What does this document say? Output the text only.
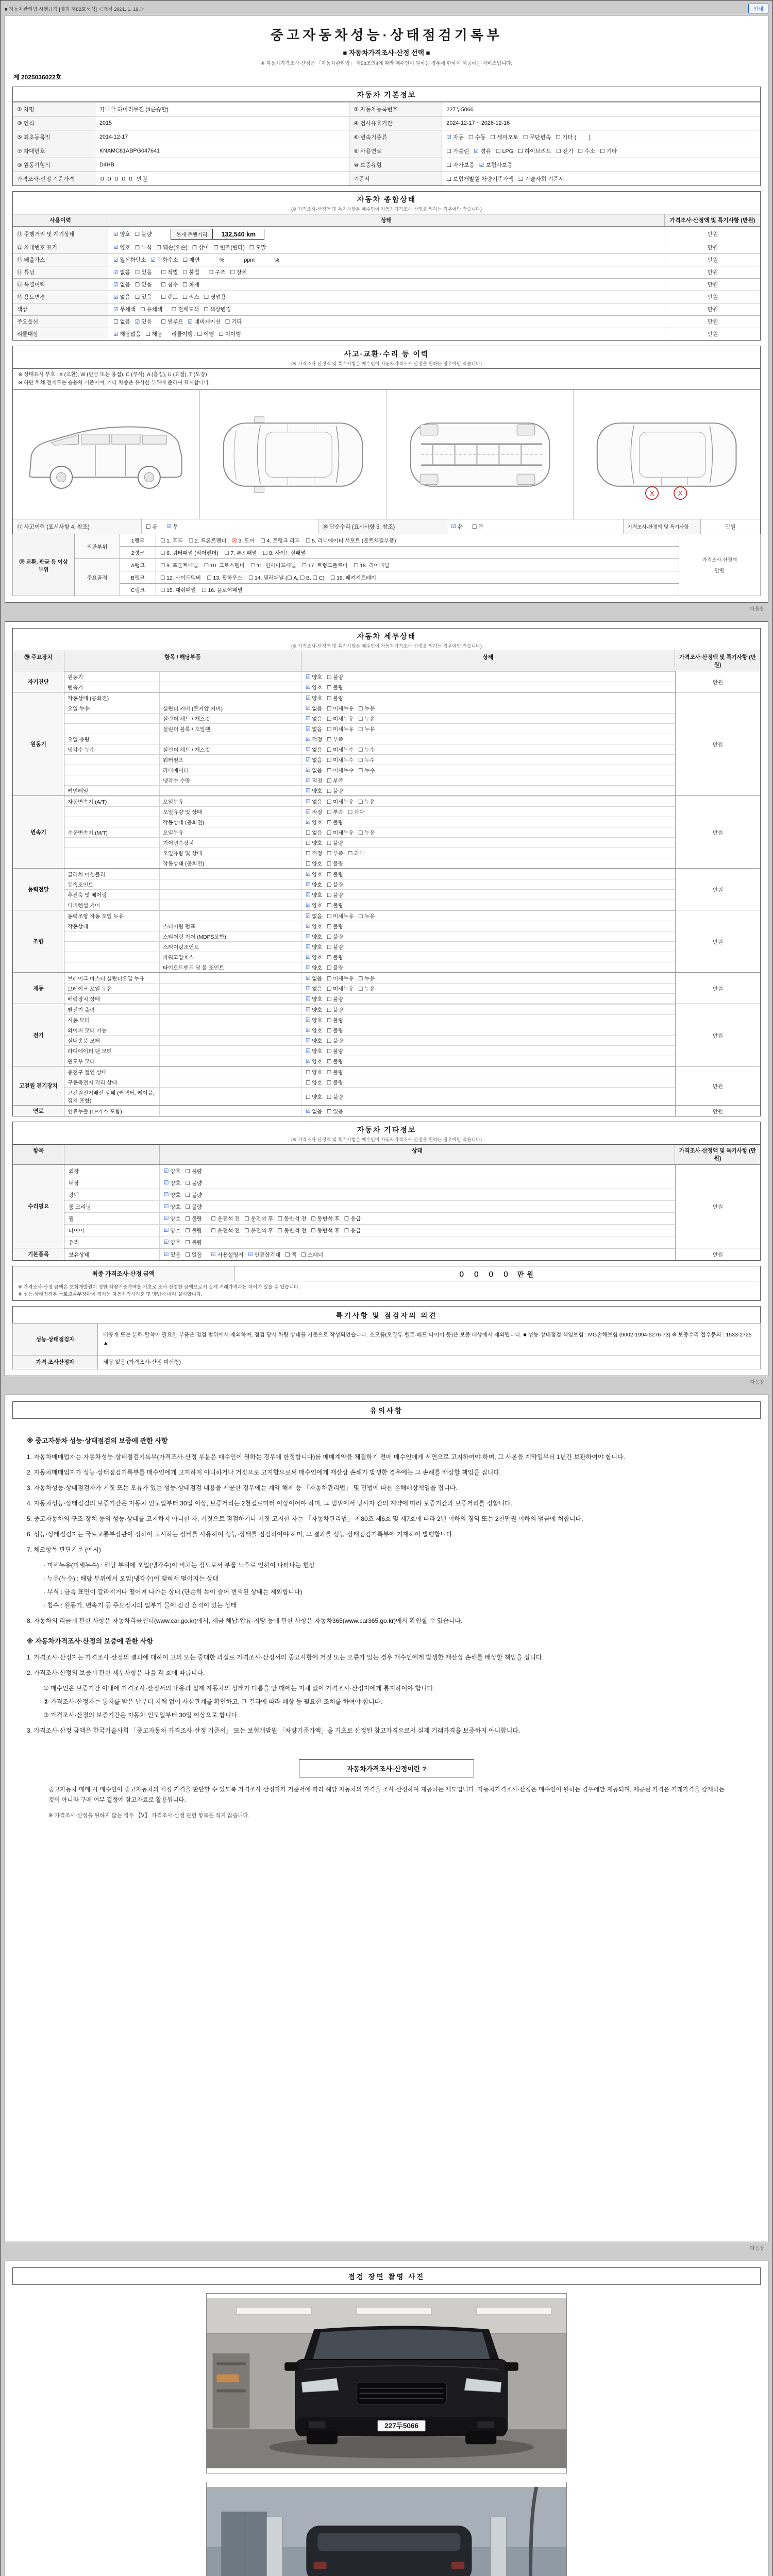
■ 자동차관리법 시행규칙 [별지 제82호서식] ＜개정 2021. 1. 19.＞	인쇄
중고자동차성능·상태점검기록부
■ 자동차가격조사·산정 선택 ■
※ 자동차가격조사·산정은 「자동차관리법」 제58조의4에 따라 매수인이 원하는 경우에 한하여 제공하는 서비스입니다.
제 2025036022호
자동차 기본정보
① 차명	카니발 하이리무진 (4륜승합)	② 자동차등록번호	227두5066
③ 연식	2015	④ 검사유효기간	2024-12-17 ~ 2026-12-16
⑤ 최초등록일	2014-12-17	⑥ 변속기종류	☑ 자동   ☐ 수동   ☐ 세미오토   ☐ 무단변속   ☐ 기타 (        )
⑦ 차대번호	KNAMC81ABPG047641	⑧ 사용연료	☐ 가솔린 ☑ 경유   ☐ LPG   ☐ 하이브리드   ☐ 전기   ☐ 수소   ☐ 기타
⑨ 원동기형식	D4HB	⑩ 보증유형	☐ 자가보증 ☑ 보험사보증
가격조사·산정 기준가격	０ ０ ０ ０ ０  만원	기준서	☐ 보험개발원 차량기준가액   ☐ 기술사회 기준서
자동차 종합상태
(※ 가격조사·산정액 및 특기사항은 매수인이 자동차가격조사·산정을 원하는 경우에만 적습니다)
사용이력	상태	가격조사·산정액 및 특기사항 (만원)
⑪ 주행거리 및 계기상태	☑ 양호   ☐ 불량	현재 주행거리	132,540 km	만원
⑫ 차대번호 표기	☑ 양호   ☐ 부식   ☐ 훼손(오손)   ☐ 상이   ☐ 변조(변타)   ☐ 도말	만원
⑬ 배출가스	☑ 일산화탄소 ☑ 탄화수소   ☐ 매연             %             ppm             %	만원
⑭ 튜닝	☑ 없음   ☐ 있음      ☐ 적법   ☐ 불법      ☐ 구조   ☐ 장치	만원
⑮ 특별이력	☑ 없음   ☐ 있음      ☐ 침수   ☐ 화재	만원
⑯ 용도변경	☑ 없음   ☐ 있음      ☐ 렌트   ☐ 리스   ☐ 영업용	만원
색상	☑ 무채색   ☐ 유채색      ☐ 전체도색   ☐ 색상변경	만원
주요옵션	☐ 없음 ☑ 있음      ☐ 썬루프 ☑ 네비게이션   ☐ 기타	만원
리콜대상	☑ 해당없음   ☐ 해당      리콜이행 : ☐ 이행   ☐ 미이행	만원
사고·교환·수리 등 이력
(※ 가격조사·산정액 및 특기사항은 매수인이 자동차가격조사·산정을 원하는 경우에만 적습니다)
※ 상태표시 부호 : X (교환), W (판금 또는 용접), C (부식), A (흠집), U (요철), T (도장)
※ 하단 차체 전개도는 승용차 기준이며, 기타 차종은 유사한 부위에 준하여 표시합니다.
X	X
⑰ 사고이력 (표시사항 4. 참조)	☐ 유 ☑ 무	⑱ 단순수리 (표시사항 5. 참조)	☑ 유      ☐ 무	가격조사·산정액 및 특기사항	만원
⑲ 교환, 판금 등 이상 부위	외판부위	1랭크	☐ 1. 후드    ☐ 2. 프론트펜더    ☒ 3. 도어    ☐ 4. 트렁크 리드    ☐ 5. 라디에이터 서포트 (볼트체결부품)	가격조사·산정액
만원

		2랭크	☐ 6. 쿼터패널 (리어펜더)    ☐ 7. 루프패널    ☐ 8. 사이드실패널	
	주요골격	A랭크	☐ 9. 프론트패널    ☐ 10. 크로스멤버    ☐ 11. 인사이드패널    ☐ 17. 트렁크플로어    ☐ 18. 리어패널	
		B랭크	☐ 12. 사이드멤버    ☐ 13. 휠하우스    ☐ 14. 필러패널 (☐ A, ☐ B, ☐ C)    ☐ 19. 패키지트레이	
		C랭크	☐ 15. 대쉬패널    ☐ 16. 플로어패널	
다음장
자동차 세부상태
(※ 가격조사·산정액 및 특기사항은 매수인이 자동차가격조사·산정을 원하는 경우에만 적습니다)
⑳ 주요장치	항목 / 해당부품	상태	가격조사·산정액 및 특기사항 (만원)
자기진단
원동기	☑ 양호   ☐ 불량
변속기	☑ 양호   ☐ 불량
만원
원동기
작동상태 (공회전)	☑ 양호   ☐ 불량
오일 누유	실린더 커버 (로커암 커버)	☑ 없음   ☐ 미세누유   ☐ 누유
실린더 헤드 / 개스킷	☑ 없음   ☐ 미세누유   ☐ 누유
실린더 블록 / 오일팬	☑ 없음   ☐ 미세누유   ☐ 누유
오일 유량	☑ 적정   ☐ 부족
냉각수 누수	실린더 헤드 / 개스킷	☑ 없음   ☐ 미세누수   ☐ 누수
워터펌프	☑ 없음   ☐ 미세누수   ☐ 누수
라디에이터	☑ 없음   ☐ 미세누수   ☐ 누수
냉각수 수량	☑ 적정   ☐ 부족
커먼레일	☑ 양호   ☐ 불량
만원
변속기
자동변속기 (A/T)	오일누유	☑ 없음   ☐ 미세누유   ☐ 누유
오일유량 및 상태	☑ 적정   ☐ 부족   ☐ 과다
작동상태 (공회전)	☑ 양호   ☐ 불량
수동변속기 (M/T)	오일누유	☐ 없음   ☐ 미세누유   ☐ 누유
기어변속장치	☐ 양호   ☐ 불량
오일유량 및 상태	☐ 적정   ☐ 부족   ☐ 과다
작동상태 (공회전)	☐ 양호   ☐ 불량
만원
동력전달
클러치 어셈블리	☑ 양호   ☐ 불량
등속조인트	☑ 양호   ☐ 불량
추진축 및 베어링	☑ 양호   ☐ 불량
디퍼렌셜 기어	☑ 양호   ☐ 불량
만원
조향
동력조향 작동 오일 누유	☑ 없음   ☐ 미세누유   ☐ 누유
작동상태	스티어링 펌프	☑ 양호   ☐ 불량
스티어링 기어 (MDPS포함)	☑ 양호   ☐ 불량
스티어링조인트	☑ 양호   ☐ 불량
파워고압호스	☑ 양호   ☐ 불량
타이로드엔드 및 볼 조인트	☑ 양호   ☐ 불량
만원
제동
브레이크 마스터 실린더오일 누유	☑ 없음   ☐ 미세누유   ☐ 누유
브레이크 오일 누유	☑ 없음   ☐ 미세누유   ☐ 누유
배력장치 상태	☑ 양호   ☐ 불량
만원
전기
발전기 출력	☑ 양호   ☐ 불량
시동 모터	☑ 양호   ☐ 불량
와이퍼 모터 기능	☑ 양호   ☐ 불량
실내송풍 모터	☑ 양호   ☐ 불량
라디에이터 팬 모터	☑ 양호   ☐ 불량
윈도우 모터	☑ 양호   ☐ 불량
만원
고전원 전기장치
충전구 절연 상태	☐ 양호   ☐ 불량
구동축전지 격리 상태	☐ 양호   ☐ 불량
고전원전기배선 상태 (커넥터, 케이블, 접지 포함)
☐ 양호   ☐ 불량
만원
연료	연료누출 (LP가스 포함)	☑ 없음   ☐ 있음	만원
자동차 기타정보
(※ 가격조사·산정액 및 특기사항은 매수인이 자동차가격조사·산정을 원하는 경우에만 적습니다)
항목	상태	가격조사·산정액 및 특기사항 (만원)
수리필요
외장	☑ 양호   ☐ 불량
내장	☑ 양호   ☐ 불량
광택	☑ 양호   ☐ 불량
룸 크리닝	☑ 양호   ☐ 불량
휠	☑ 양호   ☐ 불량      ☐ 운전석 전   ☐ 운전석 후   ☐ 동반석 전   ☐ 동반석 후   ☐ 응급
타이어	☑ 양호   ☐ 불량      ☐ 운전석 전   ☐ 운전석 후   ☐ 동반석 전   ☐ 동반석 후   ☐ 응급
유리	☑ 양호   ☐ 불량
만원
기본품목	보유상태	☑ 있음   ☐ 없음 ☑ 사용설명서 ☑ 안전삼각대   ☐ 잭   ☐ 스패너	만원
최종 가격조사·산정 금액	０ ０ ０ ０ 만원
※ 가격조사·산정 금액은 보험개발원이 정한 차량기준가액을 기초로 조사·산정한 금액으로서 실제 거래가격과는 차이가 있을 수 있습니다.
※ 성능·상태점검은 국토교통부장관이 정하는 자동차검사기준 및 방법에 따라 실시합니다.
특기사항 및 점검자의 의견
성능·상태점검자	비공개 또는 분해·탈착이 필요한 부품은 점검 범위에서 제외하며, 점검 당시 차량 상태를 기준으로 작성되었습니다. 소모품(오일류·벨트·패드·타이어 등)은 보증 대상에서 제외됩니다. ■ 성능·상태점검 책임보험 : MG손해보험 (9002-1994-5276-73) ※ 보증수리 접수문의 : 1533-2725 ▲
가격·조사산정자	해당 없음 (가격조사·산정 미신청)
다음장
유의사항

※ 중고자동차 성능·상태점검의 보증에 관한 사항

1. 자동차매매업자는 자동차성능·상태점검기록부(가격조사·산정 부분은 매수인이 원하는 경우에 한정합니다)를 매매계약을 체결하기 전에 매수인에게 서면으로 고지하여야 하며, 그 사본을 계약일부터 1년간 보관하여야 합니다.

2. 자동차매매업자가 성능·상태점검기록부를 매수인에게 고지하지 아니하거나 거짓으로 고지함으로써 매수인에게 재산상 손해가 발생한 경우에는 그 손해를 배상할 책임을 집니다.

3. 자동차성능·상태점검자가 거짓 또는 오류가 있는 성능·상태점검 내용을 제공한 경우에는 계약 해제 등 「자동차관리법」 및 민법에 따른 손해배상책임을 집니다.

4. 자동차성능·상태점검의 보증기간은 자동차 인도일부터 30일 이상, 보증거리는 2천킬로미터 이상이어야 하며, 그 범위에서 당사자 간의 계약에 따라 보증기간과 보증거리를 정합니다.

5. 중고자동차의 구조·장치 등의 성능·상태를 고지하지 아니한 자, 거짓으로 점검하거나 거짓 고지한 자는 「자동차관리법」 제80조 제6호 및 제7호에 따라 2년 이하의 징역 또는 2천만원 이하의 벌금에 처합니다.

6. 성능·상태점검자는 국토교통부장관이 정하여 고시하는 장비를 사용하여 성능·상태를 점검하여야 하며, 그 결과를 성능·상태점검기록부에 기재하여 발행합니다.

7. 체크항목 판단기준 (예시)

· 미세누유(미세누수) : 해당 부위에 오일(냉각수)이 비치는 정도로서 부품 노후로 인하여 나타나는 현상

· 누유(누수) : 해당 부위에서 오일(냉각수)이 맺혀서 떨어지는 상태

· 부식 : 금속 표면이 갈라지거나 떨어져 나가는 상태 (단순히 녹이 슬어 변색된 상태는 제외합니다)

· 침수 : 원동기, 변속기 등 주요장치의 일부가 물에 잠긴 흔적이 있는 상태

8. 자동차의 리콜에 관한 사항은 자동차리콜센터(www.car.go.kr)에서, 세금 체납·압류·저당 등에 관한 사항은 자동차365(www.car365.go.kr)에서 확인할 수 있습니다.

※ 자동차가격조사·산정의 보증에 관한 사항

1. 가격조사·산정자는 가격조사·산정의 결과에 대하여 고의 또는 중대한 과실로 가격조사·산정서의 중요사항에 거짓 또는 오류가 있는 경우 매수인에게 발생한 재산상 손해를 배상할 책임을 집니다.

2. 가격조사·산정의 보증에 관한 세부사항은 다음 각 호에 따릅니다.

① 매수인은 보증기간 이내에 가격조사·산정서의 내용과 실제 자동차의 상태가 다름을 안 때에는 지체 없이 가격조사·산정자에게 통지하여야 합니다.

② 가격조사·산정자는 통지를 받은 날부터 지체 없이 사실관계를 확인하고, 그 결과에 따라 배상 등 필요한 조치를 하여야 합니다.

③ 가격조사·산정의 보증기간은 자동차 인도일부터 30일 이상으로 합니다.

3. 가격조사·산정 금액은 한국기술사회 「중고자동차 가격조사·산정 기준서」 또는 보험개발원 「차량기준가액」을 기초로 산정된 참고가격으로서 실제 거래가격을 보증하지 아니합니다.

자동차가격조사·산정이란 ?

중고자동차 매매 시 매수인이 중고자동차의 적정 가격을 판단할 수 있도록 가격조사·산정자가 기준서에 따라 해당 자동차의 가격을 조사·산정하여 제공하는 제도입니다. 자동차가격조사·산정은 매수인이 원하는 경우에만 제공되며, 제공된 가격은 거래가격을 강제하는 것이 아니라 구매 여부 결정에 참고자료로 활용됩니다.

※ 가격조사·산정을 원하지 않는 경우 【Ⅴ】 가격조사·산정 관련 항목은 적지 않습니다.

다음장
점검 장면 촬영 사진
227두5066
